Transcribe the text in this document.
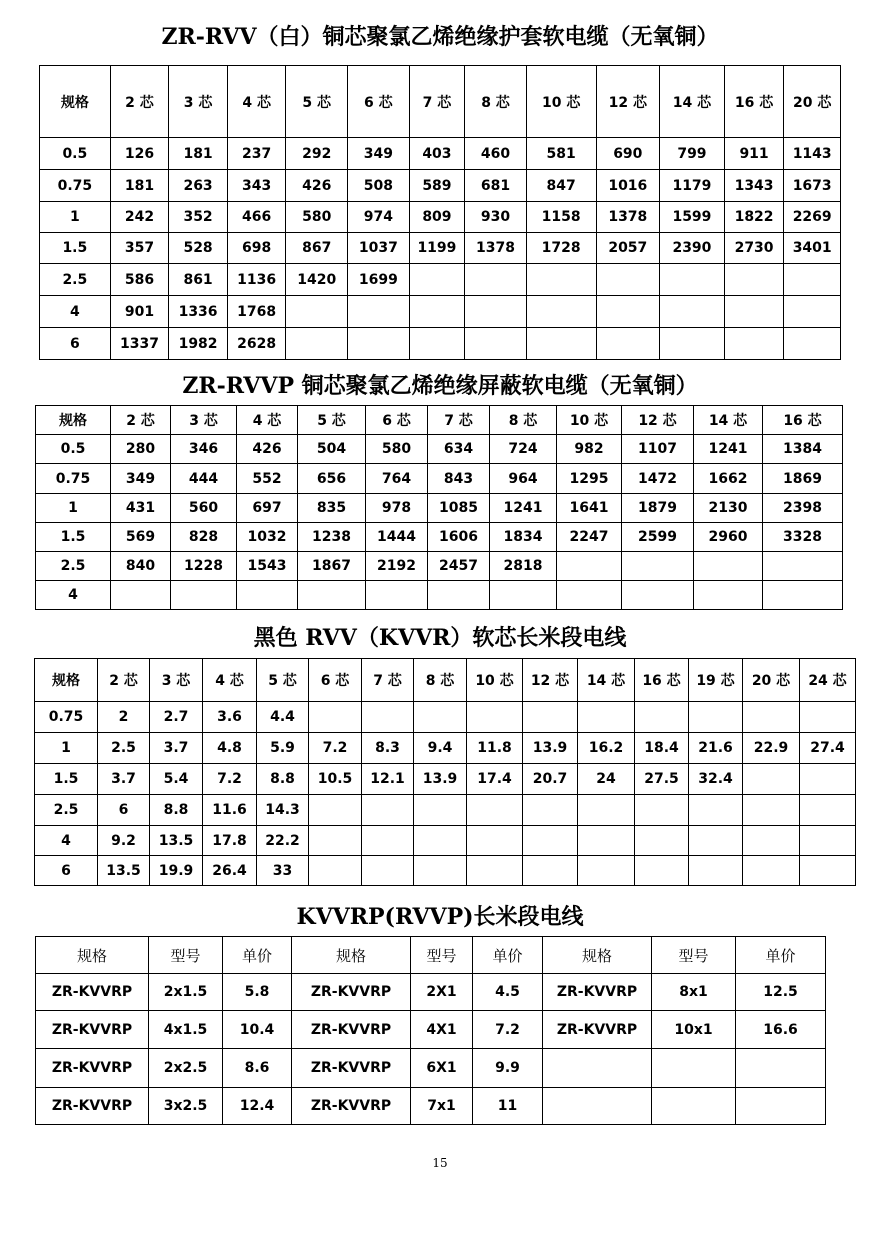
ZR-RVV（白）铜芯聚氯乙烯绝缘护套软电缆（无氧铜）
规格	2 芯	3 芯	4 芯	5 芯	6 芯	7 芯	8 芯	10 芯	12 芯	14 芯	16 芯	20 芯
0.5	126	181	237	292	349	403	460	581	690	799	911	1143
0.75	181	263	343	426	508	589	681	847	1016	1179	1343	1673
1	242	352	466	580	974	809	930	1158	1378	1599	1822	2269
1.5	357	528	698	867	1037	1199	1378	1728	2057	2390	2730	3401
2.5	586	861	1136	1420	1699							
4	901	1336	1768									
6	1337	1982	2628									
ZR-RVVP 铜芯聚氯乙烯绝缘屏蔽软电缆（无氧铜）
规格	2 芯	3 芯	4 芯	5 芯	6 芯	7 芯	8 芯	10 芯	12 芯	14 芯	16 芯
0.5	280	346	426	504	580	634	724	982	1107	1241	1384
0.75	349	444	552	656	764	843	964	1295	1472	1662	1869
1	431	560	697	835	978	1085	1241	1641	1879	2130	2398
1.5	569	828	1032	1238	1444	1606	1834	2247	2599	2960	3328
2.5	840	1228	1543	1867	2192	2457	2818				
4											
黑色 RVV（KVVR）软芯长米段电线
规格	2 芯	3 芯	4 芯	5 芯	6 芯	7 芯	8 芯	10 芯	12 芯	14 芯	16 芯	19 芯	20 芯	24 芯
0.75	2	2.7	3.6	4.4										
1	2.5	3.7	4.8	5.9	7.2	8.3	9.4	11.8	13.9	16.2	18.4	21.6	22.9	27.4
1.5	3.7	5.4	7.2	8.8	10.5	12.1	13.9	17.4	20.7	24	27.5	32.4		
2.5	6	8.8	11.6	14.3										
4	9.2	13.5	17.8	22.2										
6	13.5	19.9	26.4	33										
KVVRP(RVVP)长米段电线
规格	型号	单价	规格	型号	单价	规格	型号	单价
ZR-KVVRP	2x1.5	5.8	ZR-KVVRP	2X1	4.5	ZR-KVVRP	8x1	12.5
ZR-KVVRP	4x1.5	10.4	ZR-KVVRP	4X1	7.2	ZR-KVVRP	10x1	16.6
ZR-KVVRP	2x2.5	8.6	ZR-KVVRP	6X1	9.9			
ZR-KVVRP	3x2.5	12.4	ZR-KVVRP	7x1	11			
15
